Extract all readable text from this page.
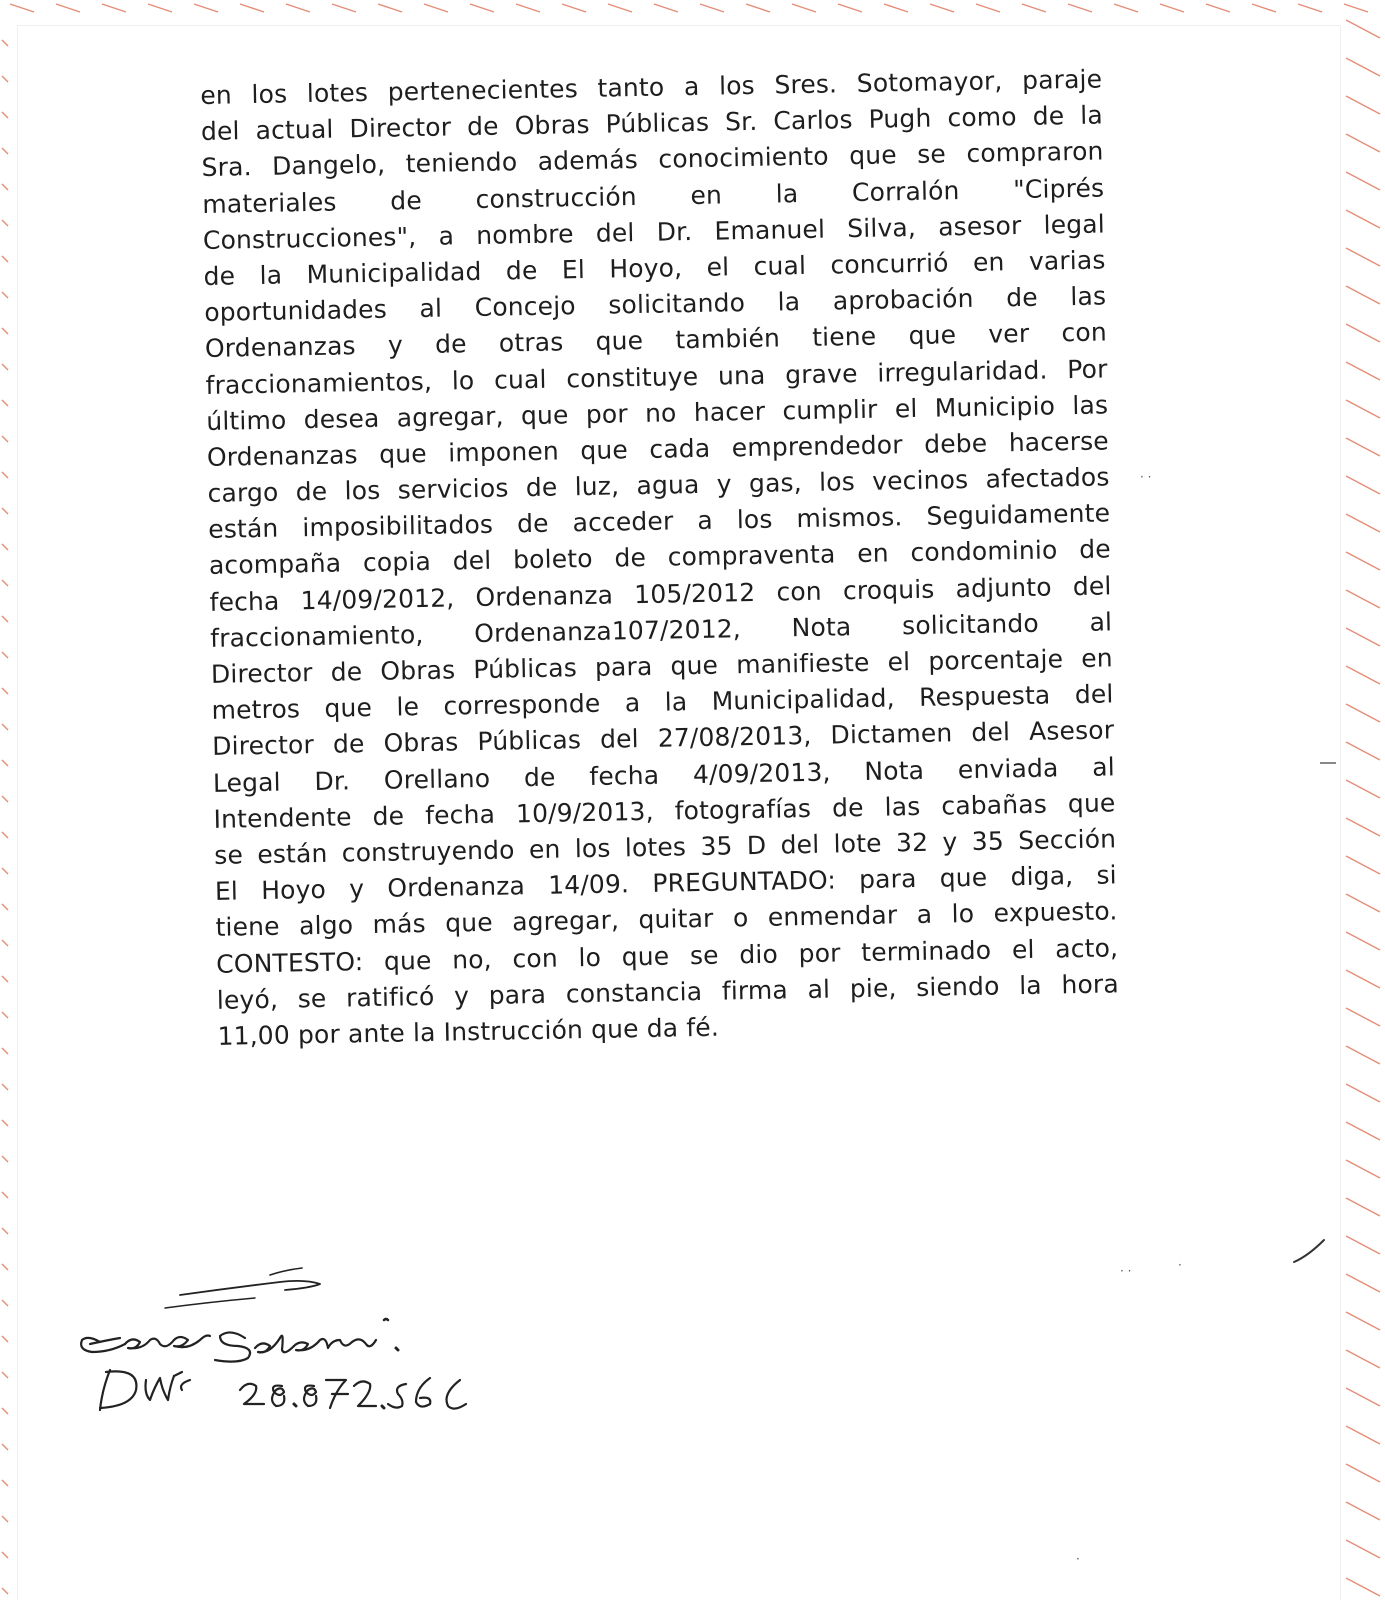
en los lotes pertenecientes tanto a los Sres. Sotomayor, paraje
del actual Director de Obras Públicas Sr. Carlos Pugh como de la
Sra. Dangelo, teniendo además conocimiento que se compraron
materiales de construcción en la Corralón "Ciprés
Construcciones", a nombre del Dr. Emanuel Silva, asesor legal
de la Municipalidad de El Hoyo, el cual concurrió en varias
oportunidades al Concejo solicitando la aprobación de las
Ordenanzas y de otras que también tiene que ver con
fraccionamientos, lo cual constituye una grave irregularidad. Por
último desea agregar, que por no hacer cumplir el Municipio las
Ordenanzas que imponen que cada emprendedor debe hacerse
cargo de los servicios de luz, agua y gas, los vecinos afectados
están imposibilitados de acceder a los mismos. Seguidamente
acompaña copia del boleto de compraventa en condominio de
fecha 14/09/2012, Ordenanza 105/2012 con croquis adjunto del
fraccionamiento, Ordenanza107/2012, Nota solicitando al
Director de Obras Públicas para que manifieste el porcentaje en
metros que le corresponde a la Municipalidad, Respuesta del
Director de Obras Públicas del 27/08/2013, Dictamen del Asesor
Legal Dr. Orellano de fecha 4/09/2013, Nota enviada al
Intendente de fecha 10/9/2013, fotografías de las cabañas que
se están construyendo en los lotes 35 D del lote 32 y 35 Sección
El Hoyo y Ordenanza 14/09. PREGUNTADO: para que diga, si
tiene algo más que agregar, quitar o enmendar a lo expuesto.
CONTESTO: que no, con lo que se dio por terminado el acto,
leyó, se ratificó y para constancia firma al pie, siendo la hora
11,00 por ante la Instrucción que da fé.
· ·
· ·	·
·
